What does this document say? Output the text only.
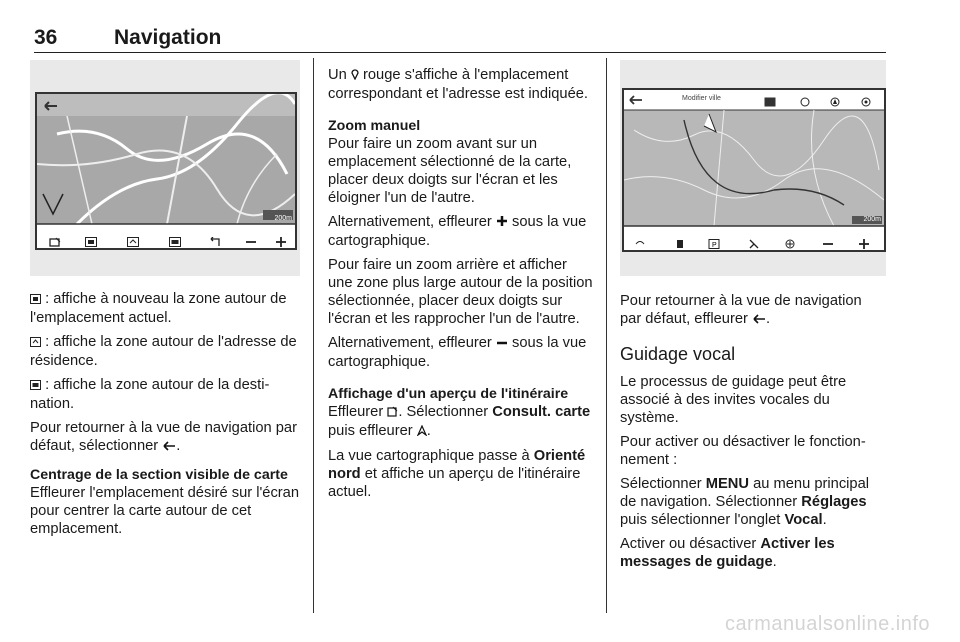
36	Navigation
200m

: affiche à nouveau la zone autour de l'emplacement actuel.

: affiche la zone autour de l'adresse de résidence.

: affiche la zone autour de la destination.

Pour retourner à la vue de navigation par défaut, sélectionner .

Centrage de la section visible de carte

Effleurer l'emplacement désiré sur l'écran pour centrer la carte autour de cet emplacement.

Un rouge s'affiche à l'emplacement correspondant et l'adresse est indiquée.

Zoom manuel

Pour faire un zoom avant sur un emplacement sélectionné de la carte, placer deux doigts sur l'écran et les éloigner l'un de l'autre.

Alternativement, effleurer sous la vue cartographique.

Pour faire un zoom arrière et afficher une zone plus large autour de la position sélectionnée, placer deux doigts sur l'écran et les rapprocher l'un de l'autre.

Alternativement, effleurer sous la vue cartographique.

Affichage d'un aperçu de l'itinéraire

Effleurer . Sélectionner Consult. carte puis effleurer .

La vue cartographique passe à Orienté nord et affiche un aperçu de l'itinéraire actuel.

Modifier ville
200m
P

Pour retourner à la vue de navigation par défaut, effleurer .

Guidage vocal

Le processus de guidage peut être associé à des invites vocales du système.

Pour activer ou désactiver le fonctionnement :

Sélectionner MENU au menu principal de navigation. Sélectionner Réglages puis sélectionner l'onglet Vocal.

Activer ou désactiver Activer les messages de guidage.

carmanualsonline.info
